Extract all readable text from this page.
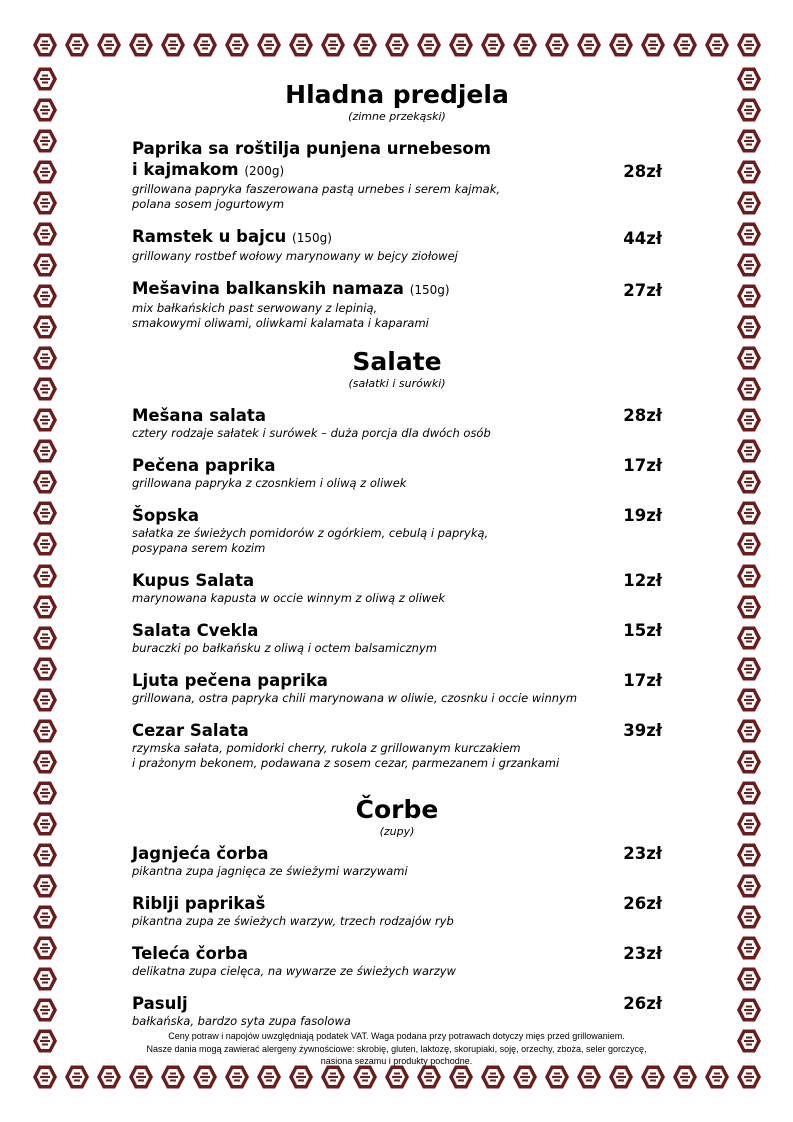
Hladna predjela

(zimne przekąski)

Paprika sa roštilja punjena urnebesom
i kajmakom (200g)	28zł
grillowana papryka faszerowana pastą urnebes i serem kajmak,
polana sosem jogurtowym
Ramstek u bajcu (150g)	44zł
grillowany rostbef wołowy marynowany w bejcy ziołowej
Mešavina balkanskih namaza (150g)	27zł
mix bałkańskich past serwowany z lepinią,
smakowymi oliwami, oliwkami kalamata i kaparami
Salate

(sałatki i surówki)

Mešana salata	28zł
cztery rodzaje sałatek i surówek – duża porcja dla dwóch osób
Pečena paprika	17zł
grillowana papryka z czosnkiem i oliwą z oliwek
Šopska	19zł
sałatka ze świeżych pomidorów z ogórkiem, cebulą i papryką,
posypana serem kozim
Kupus Salata	12zł
marynowana kapusta w occie winnym z oliwą z oliwek
Salata Cvekla	15zł
buraczki po bałkańsku z oliwą i octem balsamicznym
Ljuta pečena paprika	17zł
grillowana, ostra papryka chili marynowana w oliwie, czosnku i occie winnym
Cezar Salata	39zł
rzymska sałata, pomidorki cherry, rukola z grillowanym kurczakiem
i prażonym bekonem, podawana z sosem cezar, parmezanem i grzankami
Čorbe

(zupy)

Jagnjeća čorba	23zł
pikantna zupa jagnięca ze świeżymi warzywami
Riblji paprikaš	26zł
pikantna zupa ze świeżych warzyw, trzech rodzajów ryb
Teleća čorba	23zł
delikatna zupa cielęca, na wywarze ze świeżych warzyw
Pasulj	26zł
bałkańska, bardzo syta zupa fasolowa
Ceny potraw i napojów uwzględniają podatek VAT. Waga podana przy potrawach dotyczy mięs przed grillowaniem.
Nasze dania mogą zawierać alergeny żywnościowe: skrobię, gluten, laktozę, skorupiaki, soję, orzechy, zboża, seler gorczycę,
nasiona sezamu i produkty pochodne.
